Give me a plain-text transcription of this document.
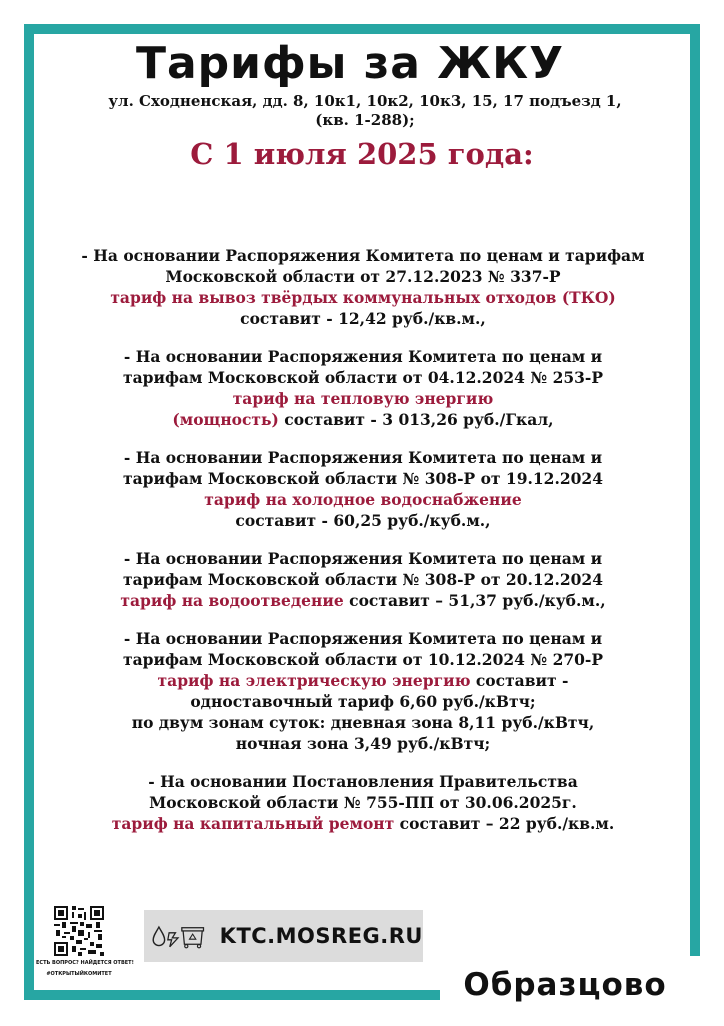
Тарифы за ЖКУ
ул. Сходненская, дд. 8, 10к1, 10к2, 10к3, 15, 17 подъезд 1,
(кв. 1-288);
С 1 июля 2025 года:
- На основании Распоряжения Комитета по ценам и тарифам
Московской области от 27.12.2023 № 337-Р
тариф на вывоз твёрдых коммунальных отходов (ТКО)
составит - 12,42 руб./кв.м.,
- На основании Распоряжения Комитета по ценам и
тарифам Московской области от 04.12.2024 № 253-Р
тариф на тепловую энергию
(мощность) составит - 3 013,26 руб./Гкал,
- На основании Распоряжения Комитета по ценам и
тарифам Московской области № 308-Р от 19.12.2024
тариф на холодное водоснабжение
составит - 60,25 руб./куб.м.,
- На основании Распоряжения Комитета по ценам и
тарифам Московской области № 308-Р от 20.12.2024
тариф на водоотведение составит – 51,37 руб./куб.м.,
- На основании Распоряжения Комитета по ценам и
тарифам Московской области от 10.12.2024 № 270-Р
тариф на электрическую энергию составит -
одноставочный тариф 6,60 руб./кВтч;
по двум зонам суток: дневная зона 8,11 руб./кВтч,
ночная зона 3,49 руб./кВтч;
- На основании Постановления Правительства
Московской области № 755-ПП от 30.06.2025г.
тариф на капитальный ремонт составит – 22 руб./кв.м.
ЕСТЬ ВОПРОС? НАЙДЕТСЯ ОТВЕТ!
#ОТКРЫТЫЙКОМИТЕТ
KTC.MOSREG.RU
Образцово
